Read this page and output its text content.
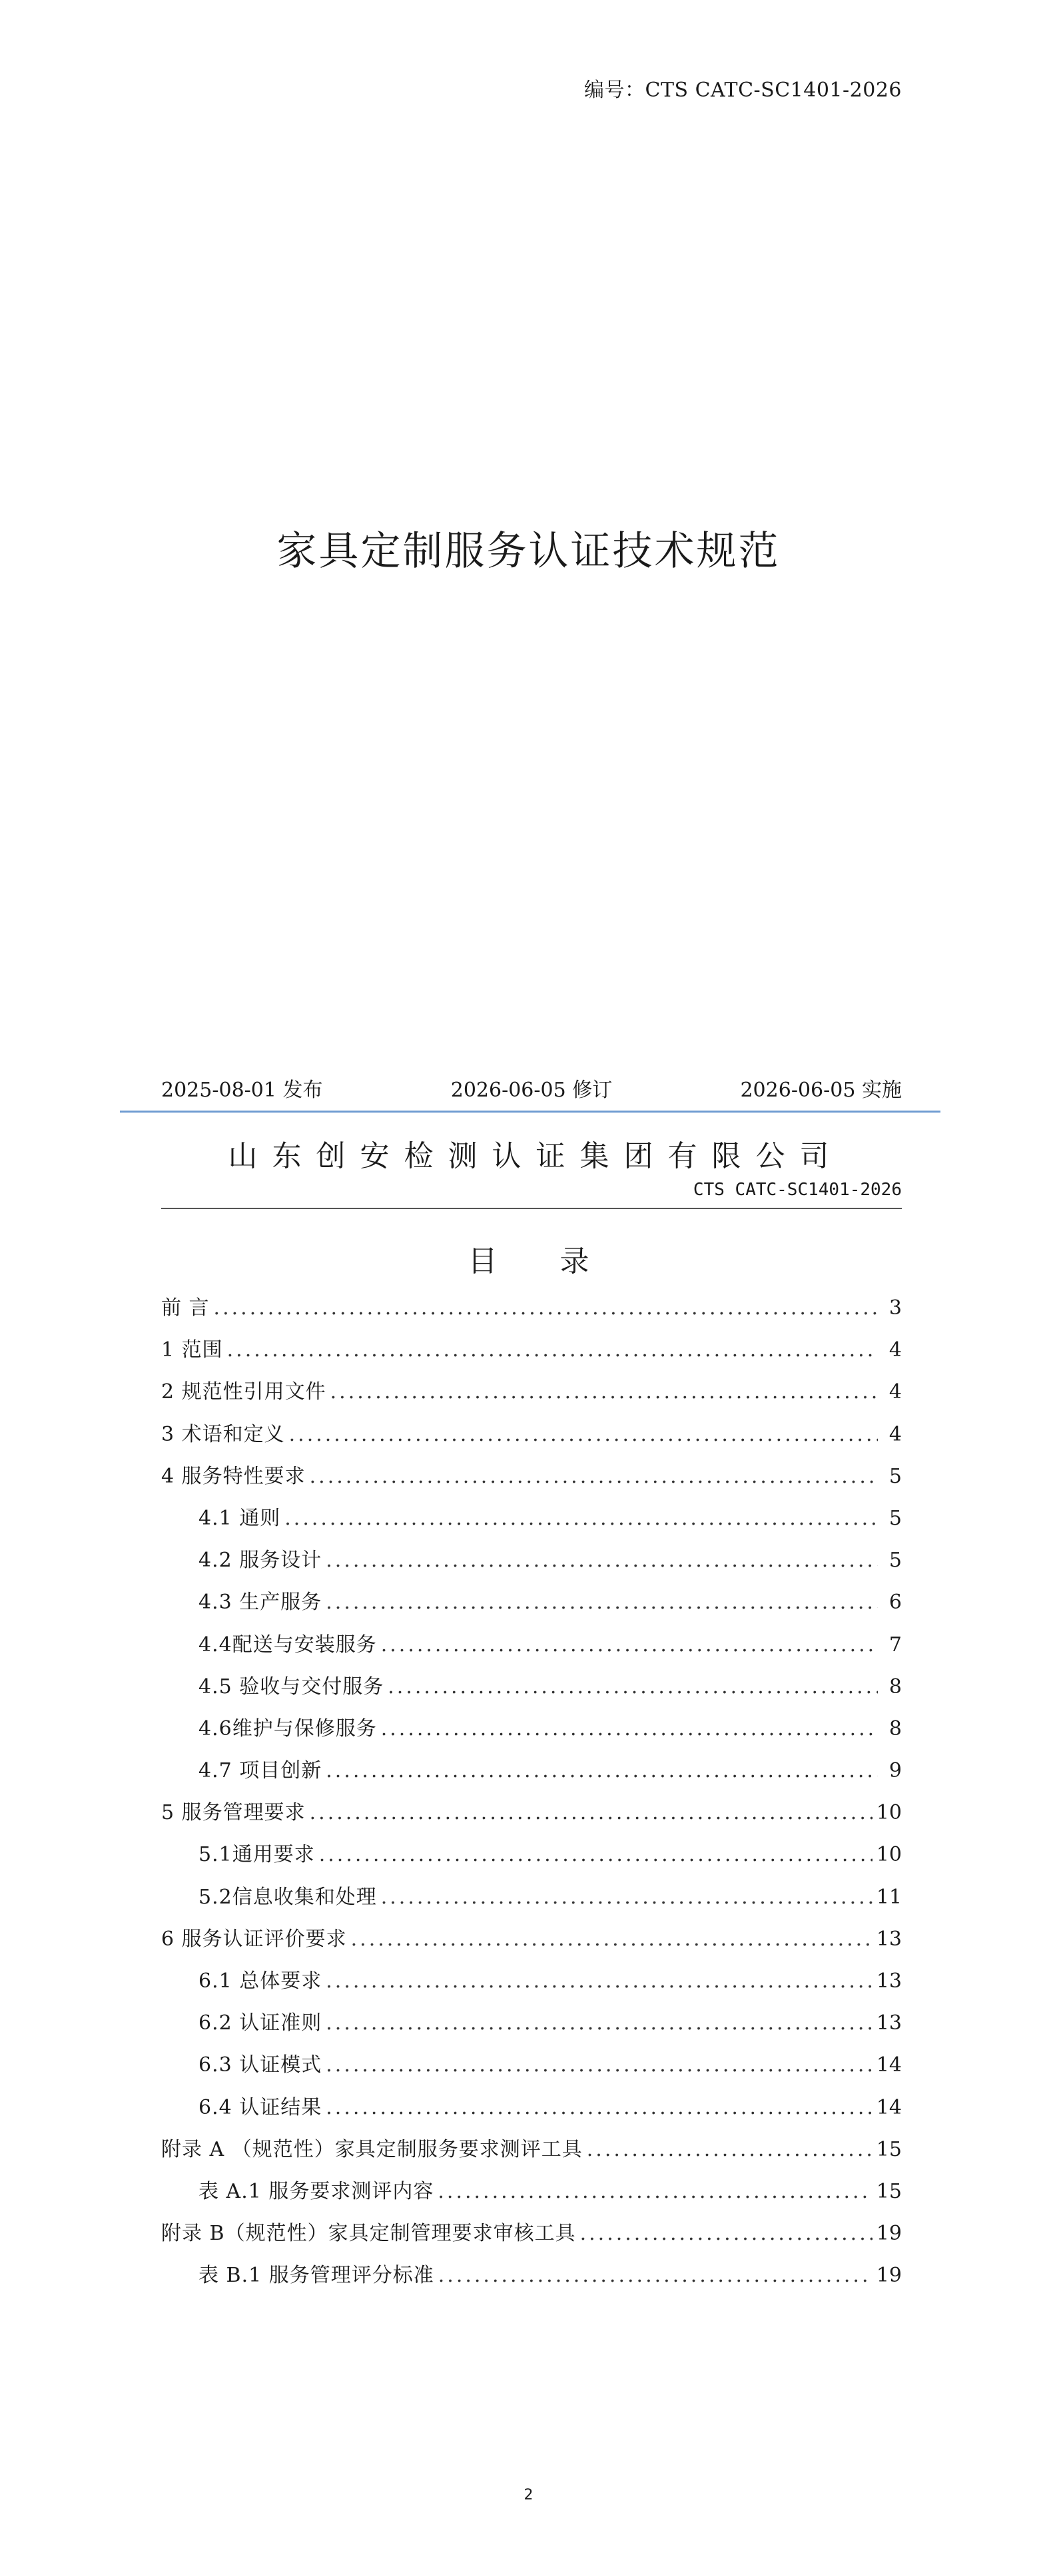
编号：CTS CATC-SC1401-2026
家具定制服务认证技术规范
2025-08-01 发布	2026-06-05 修订	2026-06-05 实施
山东创安检测认证集团有限公司
CTS CATC-SC1401-2026
目 录
前 言 .....	3
1 范围 .....	4
2 规范性引用文件 .....	4
3 术语和定义 .....	4
4 服务特性要求 .....	5
4.1 通则 .....	5
4.2 服务设计 .....	5
4.3 生产服务 .....	6
4.4配送与安装服务 .....	7
4.5 验收与交付服务 .....	8
4.6维护与保修服务 .....	8
4.7 项目创新 .....	9
5 服务管理要求 .....	10
5.1通用要求 .....	10
5.2信息收集和处理 .....	11
6 服务认证评价要求 .....	13
6.1 总体要求 .....	13
6.2 认证准则 .....	13
6.3 认证模式 .....	14
6.4 认证结果 .....	14
附录 A （规范性）家具定制服务要求测评工具 .....	15
表 A.1 服务要求测评内容 .....	15
附录 B（规范性）家具定制管理要求审核工具 .....	19
表 B.1 服务管理评分标准 .....	19
2
